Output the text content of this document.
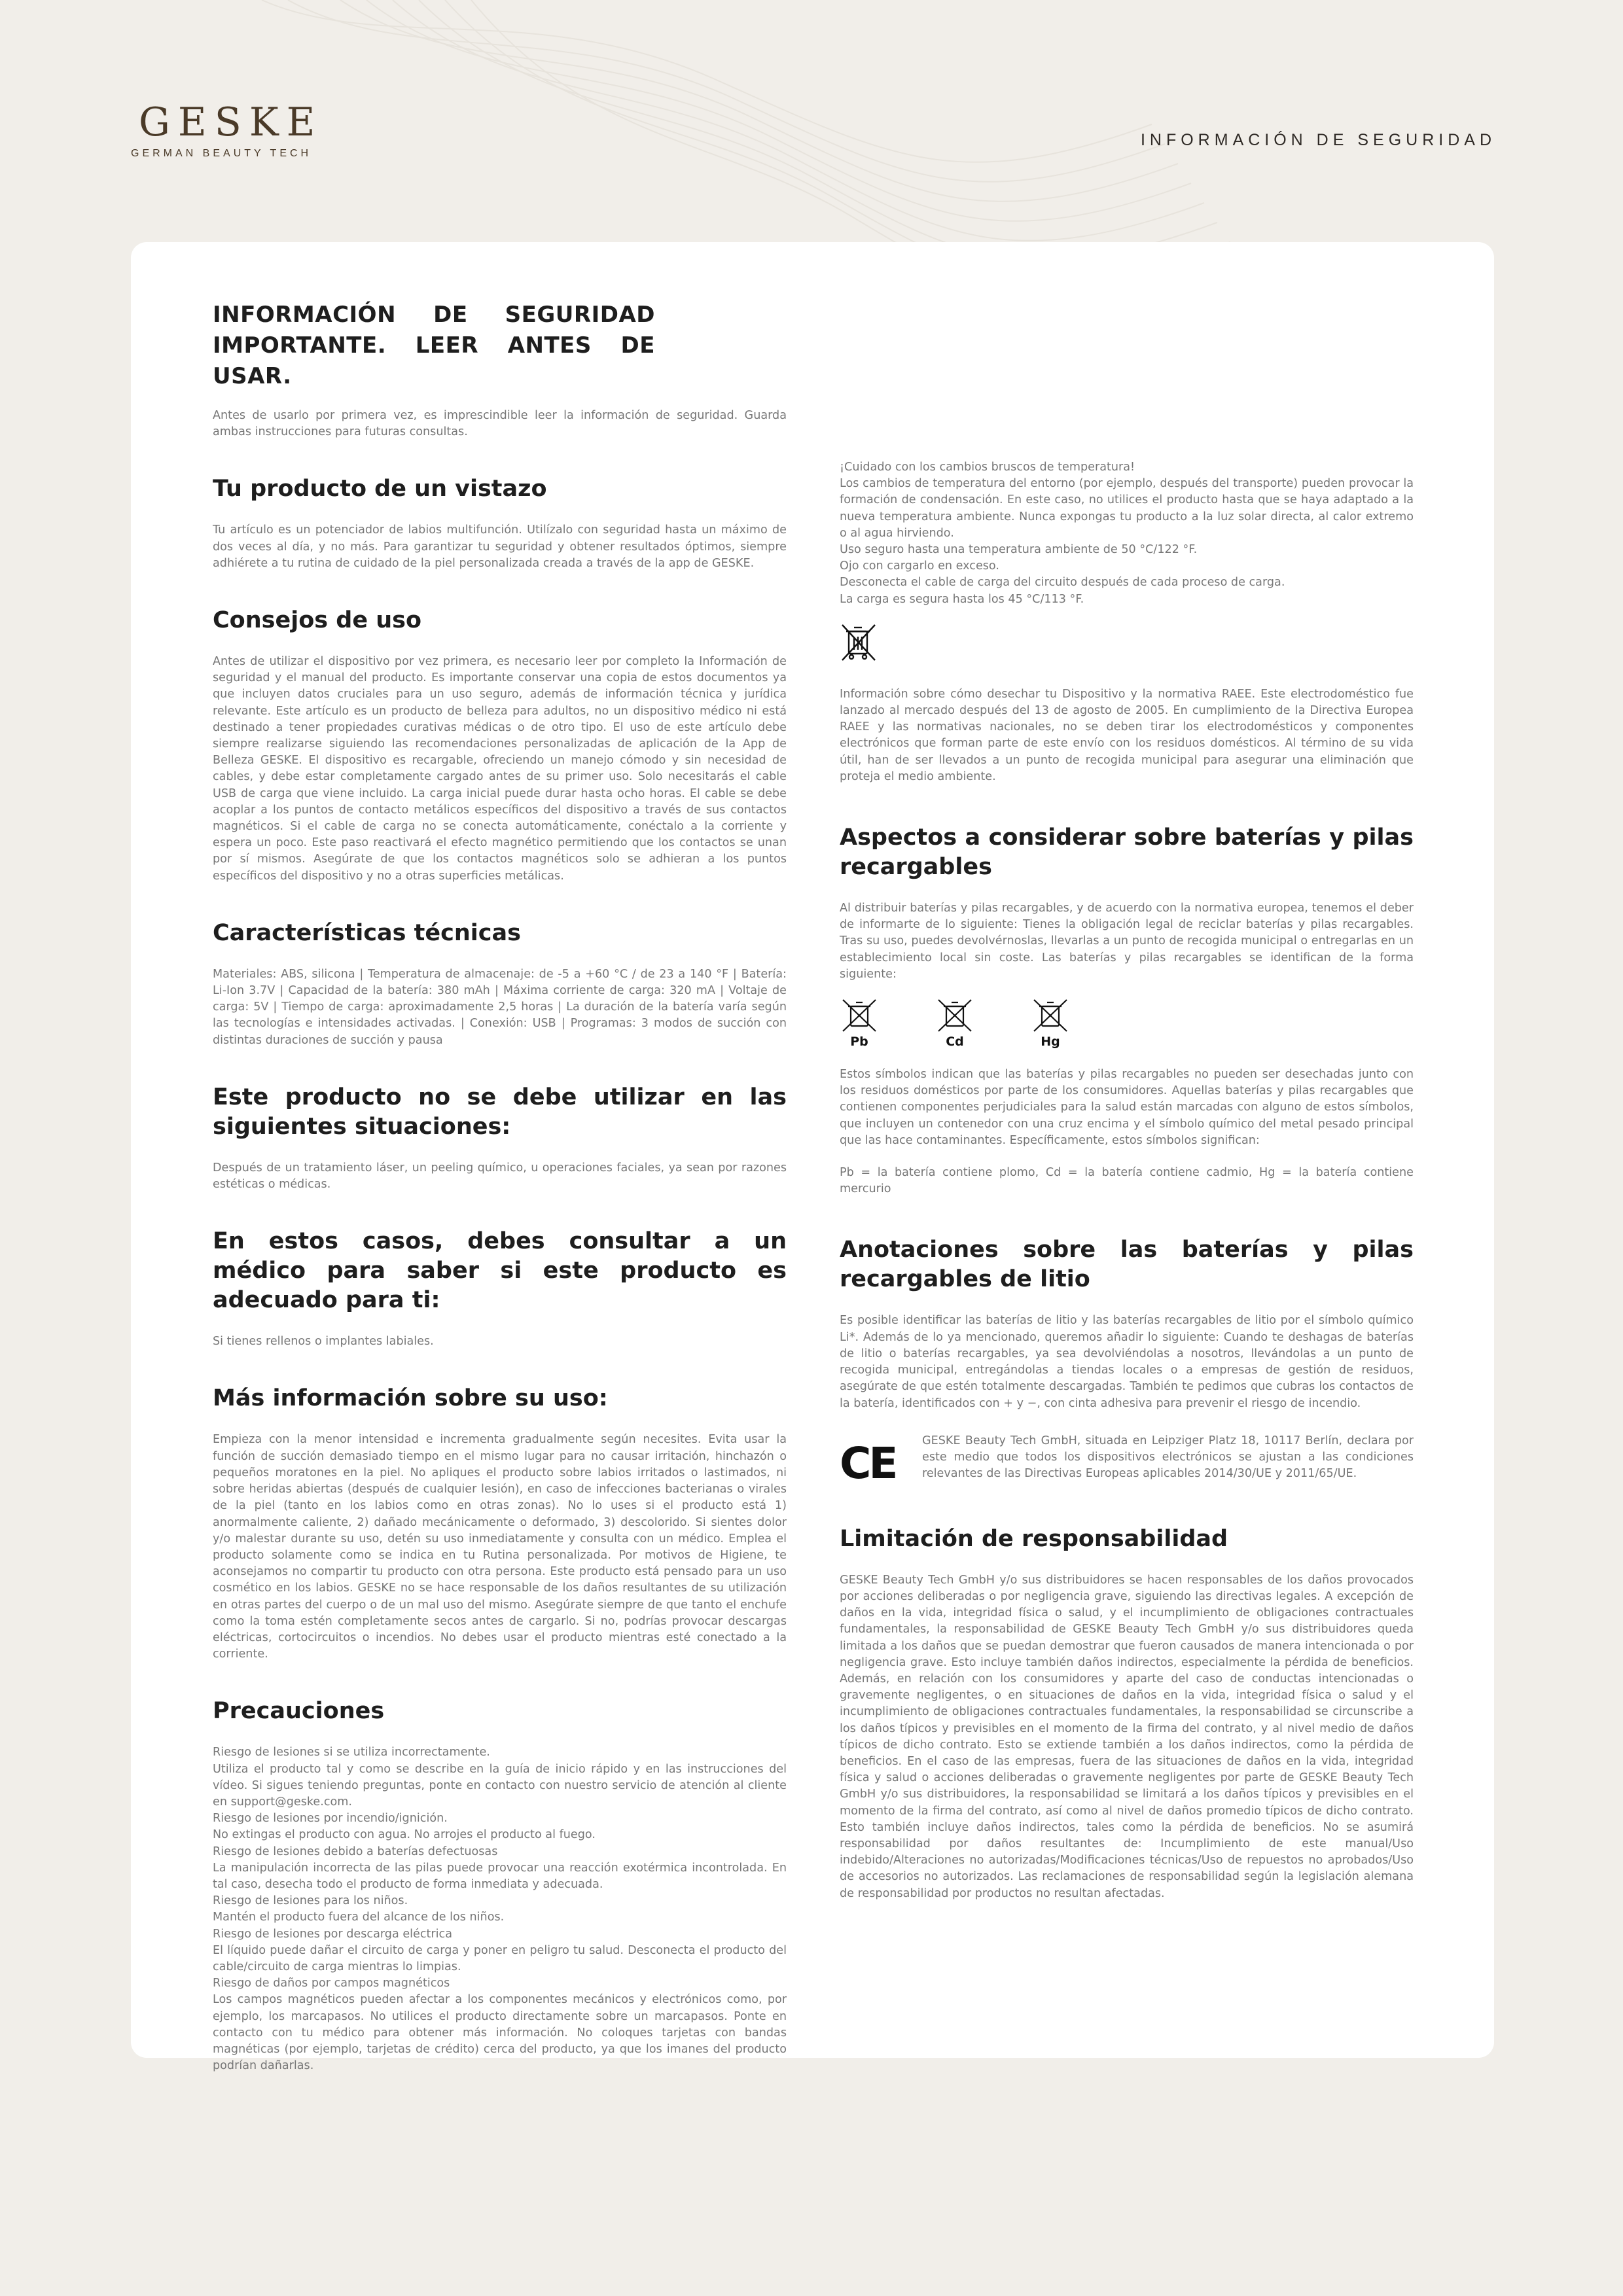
GESKE
GERMAN BEAUTY TECH
INFORMACIÓN DE SEGURIDAD
INFORMACIÓN DE SEGURIDAD IMPORTANTE. LEER ANTES DE USAR.

Antes de usarlo por primera vez, es imprescindible leer la información de seguridad. Guarda ambas instrucciones para futuras consultas.

Tu producto de un vistazo

Tu artículo es un potenciador de labios multifunción. Utilízalo con seguridad hasta un máximo de dos veces al día, y no más. Para garantizar tu seguridad y obtener resultados óptimos, siempre adhiérete a tu rutina de cuidado de la piel personalizada creada a través de la app de GESKE.

Consejos de uso

Antes de utilizar el dispositivo por vez primera, es necesario leer por completo la Información de seguridad y el manual del producto. Es importante conservar una copia de estos documentos ya que incluyen datos cruciales para un uso seguro, además de información técnica y jurídica relevante. Este artículo es un producto de belleza para adultos, no un dispositivo médico ni está destinado a tener propiedades curativas médicas o de otro tipo. El uso de este artículo debe siempre realizarse siguiendo las recomendaciones personalizadas de aplicación de la App de Belleza GESKE. El dispositivo es recargable, ofreciendo un manejo cómodo y sin necesidad de cables, y debe estar completamente cargado antes de su primer uso. Solo necesitarás el cable USB de carga que viene incluido. La carga inicial puede durar hasta ocho horas. El cable se debe acoplar a los puntos de contacto metálicos específicos del dispositivo a través de sus contactos magnéticos. Si el cable de carga no se conecta automáticamente, conéctalo a la corriente y espera un poco. Este paso reactivará el efecto magnético permitiendo que los contactos se unan por sí mismos. Asegúrate de que los contactos magnéticos solo se adhieran a los puntos específicos del dispositivo y no a otras superficies metálicas.

Características técnicas

Materiales: ABS, silicona | Temperatura de almacenaje: de -5 a +60 °C / de 23 a 140 °F | Batería: Li-Ion 3.7V | Capacidad de la batería: 380 mAh | Máxima corriente de carga: 320 mA | Voltaje de carga: 5V | Tiempo de carga: aproximadamente 2,5 horas | La duración de la batería varía según las tecnologías e intensidades activadas. | Conexión: USB | Programas: 3 modos de succión con distintas duraciones de succión y pausa

Este producto no se debe utilizar en las siguientes situaciones:

Después de un tratamiento láser, un peeling químico, u operaciones faciales, ya sean por razones estéticas o médicas.

En estos casos, debes consultar a un médico para saber si este producto es adecuado para ti:

Si tienes rellenos o implantes labiales.

Más información sobre su uso:

Empieza con la menor intensidad e incrementa gradualmente según necesites. Evita usar la función de succión demasiado tiempo en el mismo lugar para no causar irritación, hinchazón o pequeños moratones en la piel. No apliques el producto sobre labios irritados o lastimados, ni sobre heridas abiertas (después de cualquier lesión), en caso de infecciones bacterianas o virales de la piel (tanto en los labios como en otras zonas). No lo uses si el producto está 1) anormalmente caliente, 2) dañado mecánicamente o deformado, 3) descolorido. Si sientes dolor y/o malestar durante su uso, detén su uso inmediatamente y consulta con un médico. Emplea el producto solamente como se indica en tu Rutina personalizada. Por motivos de Higiene, te aconsejamos no compartir tu producto con otra persona. Este producto está pensado para un uso cosmético en los labios. GESKE no se hace responsable de los daños resultantes de su utilización en otras partes del cuerpo o de un mal uso del mismo. Asegúrate siempre de que tanto el enchufe como la toma estén completamente secos antes de cargarlo. Si no, podrías provocar descargas eléctricas, cortocircuitos o incendios. No debes usar el producto mientras esté conectado a la corriente.

Precauciones
Riesgo de lesiones si se utiliza incorrectamente.
Utiliza el producto tal y como se describe en la guía de inicio rápido y en las instrucciones del vídeo. Si sigues teniendo preguntas, ponte en contacto con nuestro servicio de atención al cliente en support@geske.com.
Riesgo de lesiones por incendio/ignición.
No extingas el producto con agua. No arrojes el producto al fuego.
Riesgo de lesiones debido a baterías defectuosas
La manipulación incorrecta de las pilas puede provocar una reacción exotérmica incontrolada. En tal caso, desecha todo el producto de forma inmediata y adecuada.
Riesgo de lesiones para los niños.
Mantén el producto fuera del alcance de los niños.
Riesgo de lesiones por descarga eléctrica
El líquido puede dañar el circuito de carga y poner en peligro tu salud. Desconecta el producto del cable/circuito de carga mientras lo limpias.
Riesgo de daños por campos magnéticos
Los campos magnéticos pueden afectar a los componentes mecánicos y electrónicos como, por ejemplo, los marcapasos. No utilices el producto directamente sobre un marcapasos. Ponte en contacto con tu médico para obtener más información. No coloques tarjetas con bandas magnéticas (por ejemplo, tarjetas de crédito) cerca del producto, ya que los imanes del producto podrían dañarlas.
¡Cuidado con los cambios bruscos de temperatura!
Los cambios de temperatura del entorno (por ejemplo, después del transporte) pueden provocar la formación de condensación. En este caso, no utilices el producto hasta que se haya adaptado a la nueva temperatura ambiente. Nunca expongas tu producto a la luz solar directa, al calor extremo o al agua hirviendo.
Uso seguro hasta una temperatura ambiente de 50 °C/122 °F.
Ojo con cargarlo en exceso.
Desconecta el cable de carga del circuito después de cada proceso de carga.
La carga es segura hasta los 45 °C/113 °F.

Información sobre cómo desechar tu Dispositivo y la normativa RAEE. Este electrodoméstico fue lanzado al mercado después del 13 de agosto de 2005. En cumplimiento de la Directiva Europea RAEE y las normativas nacionales, no se deben tirar los electrodomésticos y componentes electrónicos que forman parte de este envío con los residuos domésticos. Al término de su vida útil, han de ser llevados a un punto de recogida municipal para asegurar una eliminación que proteja el medio ambiente.

Aspectos a considerar sobre baterías y pilas recargables

Al distribuir baterías y pilas recargables, y de acuerdo con la normativa europea, tenemos el deber de informarte de lo siguiente: Tienes la obligación legal de reciclar baterías y pilas recargables. Tras su uso, puedes devolvérnoslas, llevarlas a un punto de recogida municipal o entregarlas en un establecimiento local sin coste. Las baterías y pilas recargables se identifican de la forma siguiente:

Pb	Cd	Hg

Estos símbolos indican que las baterías y pilas recargables no pueden ser desechadas junto con los residuos domésticos por parte de los consumidores. Aquellas baterías y pilas recargables que contienen componentes perjudiciales para la salud están marcadas con alguno de estos símbolos, que incluyen un contenedor con una cruz encima y el símbolo químico del metal pesado principal que las hace contaminantes. Específicamente, estos símbolos significan:

Pb = la batería contiene plomo, Cd = la batería contiene cadmio, Hg = la batería contiene mercurio

Anotaciones sobre las baterías y pilas recargables de litio

Es posible identificar las baterías de litio y las baterías recargables de litio por el símbolo químico Li*. Además de lo ya mencionado, queremos añadir lo siguiente: Cuando te deshagas de baterías de litio o baterías recargables, ya sea devolviéndolas a nosotros, llevándolas a un punto de recogida municipal, entregándolas a tiendas locales o a empresas de gestión de residuos, asegúrate de que estén totalmente descargadas. También te pedimos que cubras los contactos de la batería, identificados con + y −, con cinta adhesiva para prevenir el riesgo de incendio.

CE	GESKE Beauty Tech GmbH, situada en Leipziger Platz 18, 10117 Berlín, declara por este medio que todos los dispositivos electrónicos se ajustan a las condiciones relevantes de las Directivas Europeas aplicables 2014/30/UE y 2011/65/UE.

Limitación de responsabilidad

GESKE Beauty Tech GmbH y/o sus distribuidores se hacen responsables de los daños provocados por acciones deliberadas o por negligencia grave, siguiendo las directivas legales. A excepción de daños en la vida, integridad física o salud, y el incumplimiento de obligaciones contractuales fundamentales, la responsabilidad de GESKE Beauty Tech GmbH y/o sus distribuidores queda limitada a los daños que se puedan demostrar que fueron causados de manera intencionada o por negligencia grave. Esto incluye también daños indirectos, especialmente la pérdida de beneficios. Además, en relación con los consumidores y aparte del caso de conductas intencionadas o gravemente negligentes, o en situaciones de daños en la vida, integridad física o salud y el incumplimiento de obligaciones contractuales fundamentales, la responsabilidad se circunscribe a los daños típicos y previsibles en el momento de la firma del contrato, y al nivel medio de daños típicos de dicho contrato. Esto se extiende también a los daños indirectos, como la pérdida de beneficios. En el caso de las empresas, fuera de las situaciones de daños en la vida, integridad física y salud o acciones deliberadas o gravemente negligentes por parte de GESKE Beauty Tech GmbH y/o sus distribuidores, la responsabilidad se limitará a los daños típicos y previsibles en el momento de la firma del contrato, así como al nivel de daños promedio típicos de dicho contrato. Esto también incluye daños indirectos, tales como la pérdida de beneficios. No se asumirá responsabilidad por daños resultantes de: Incumplimiento de este manual/Uso indebido/Alteraciones no autorizadas/Modificaciones técnicas/Uso de repuestos no aprobados/Uso de accesorios no autorizados. Las reclamaciones de responsabilidad según la legislación alemana de responsabilidad por productos no resultan afectadas.
